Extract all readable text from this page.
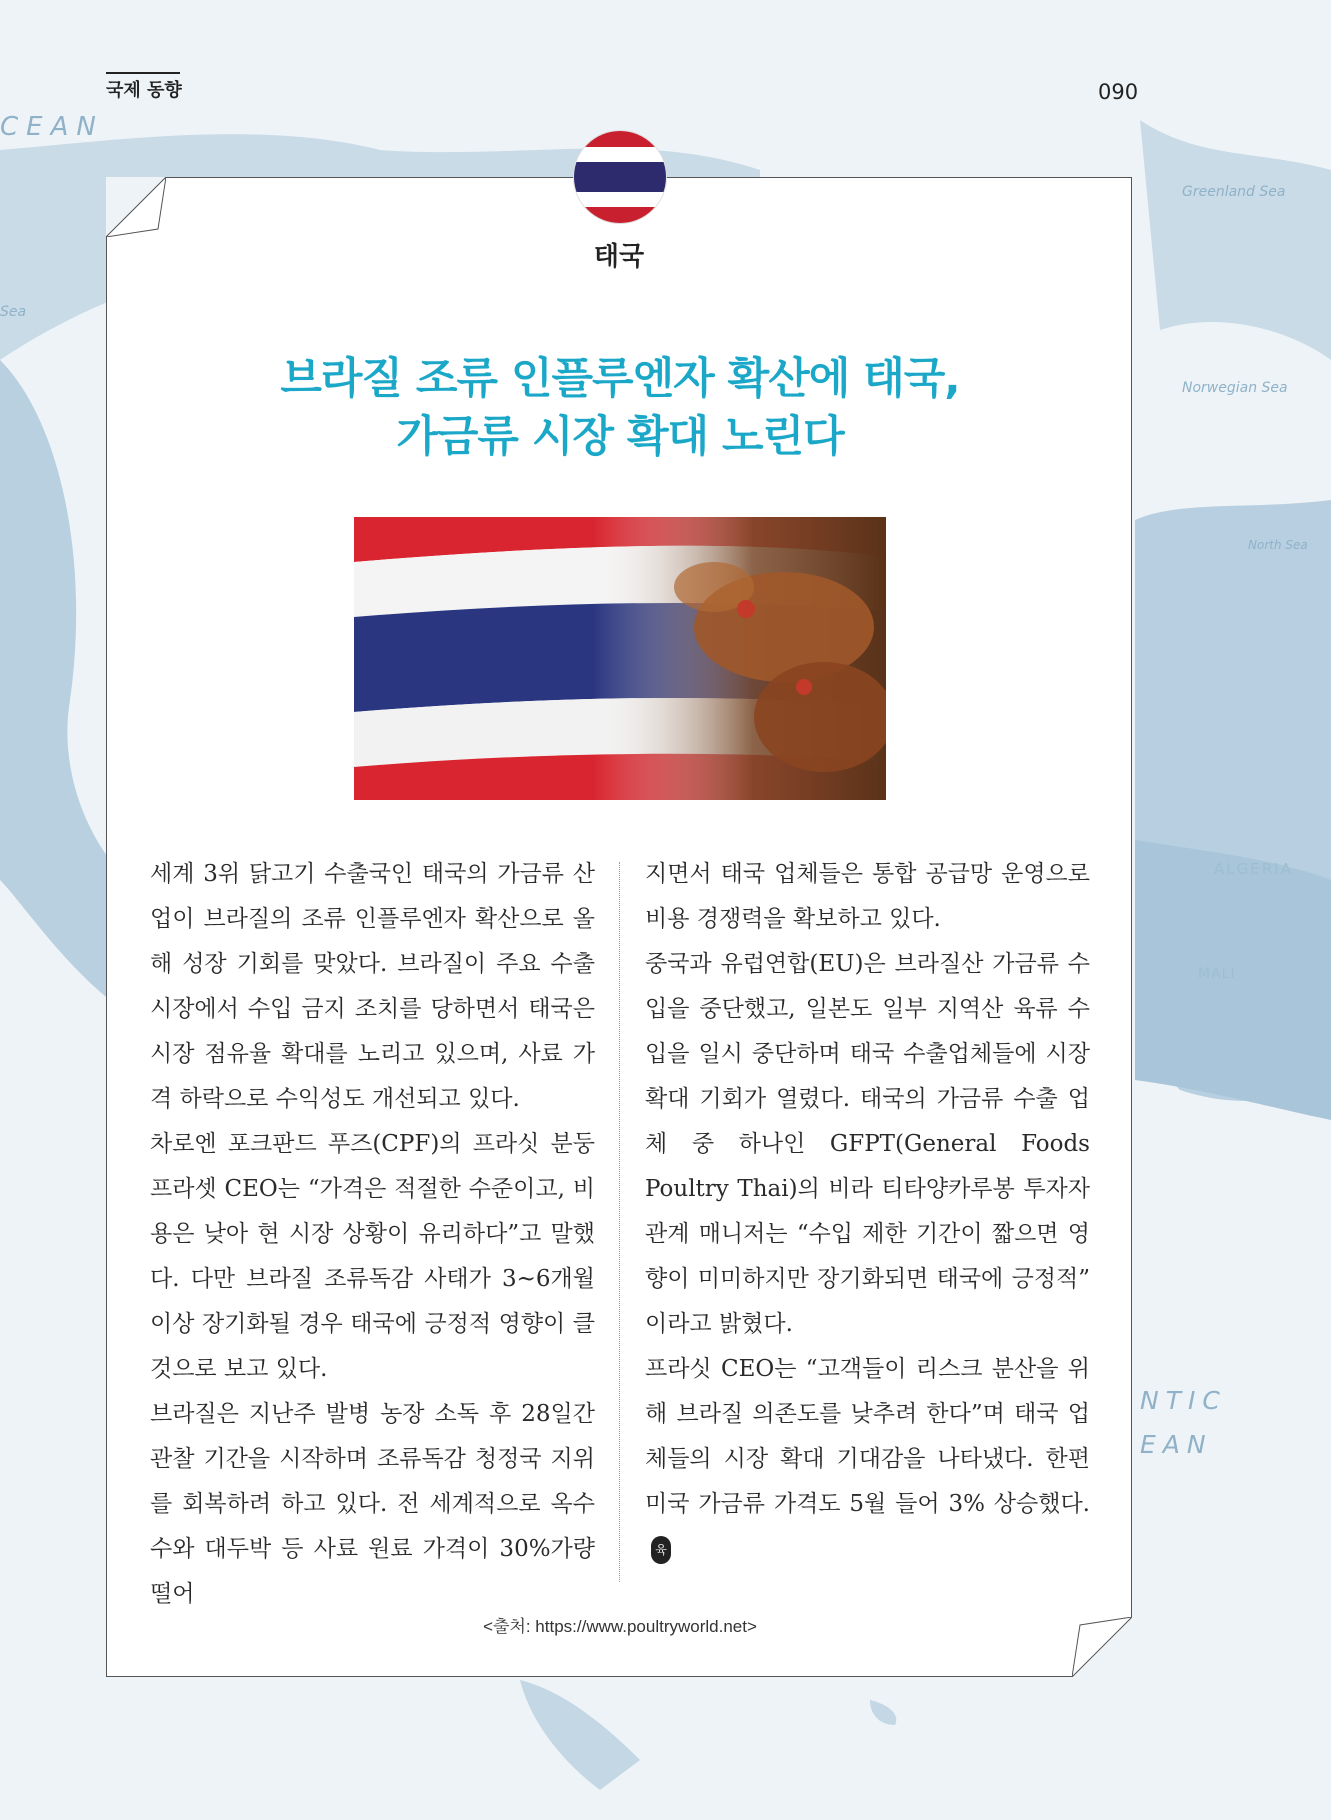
CEAN
Sea
Greenland Sea
Norwegian Sea
North Sea
ALGERIA
MALI
NTIC
EAN
국제 동향	090
태국
브라질 조류 인플루엔자 확산에 태국,
가금류 시장 확대 노린다

세계 3위 닭고기 수출국인 태국의 가금류 산업이 브라질의 조류 인플루엔자 확산으로 올해 성장 기회를 맞았다. 브라질이 주요 수출 시장에서 수입 금지 조치를 당하면서 태국은 시장 점유율 확대를 노리고 있으며, 사료 가격 하락으로 수익성도 개선되고 있다.

차로엔 포크판드 푸즈(CPF)의 프라싯 분둥 프라셋 CEO는 “가격은 적절한 수준이고, 비용은 낮아 현 시장 상황이 유리하다”고 말했다. 다만 브라질 조류독감 사태가 3~6개월 이상 장기화될 경우 태국에 긍정적 영향이 클 것으로 보고 있다.

브라질은 지난주 발병 농장 소독 후 28일간 관찰 기간을 시작하며 조류독감 청정국 지위를 회복하려 하고 있다. 전 세계적으로 옥수수와 대두박 등 사료 원료 가격이 30%가량 떨어

지면서 태국 업체들은 통합 공급망 운영으로 비용 경쟁력을 확보하고 있다.

중국과 유럽연합(EU)은 브라질산 가금류 수입을 중단했고, 일본도 일부 지역산 육류 수입을 일시 중단하며 태국 수출업체들에 시장 확대 기회가 열렸다. 태국의 가금류 수출 업체 중 하나인 GFPT(General Foods Poultry Thai)의 비라 티타양카루봉 투자자 관계 매니저는 “수입 제한 기간이 짧으면 영향이 미미하지만 장기화되면 태국에 긍정적” 이라고 밝혔다.

프라싯 CEO는 “고객들이 리스크 분산을 위해 브라질 의존도를 낮추려 한다”며 태국 업체들의 시장 확대 기대감을 나타냈다. 한편 미국 가금류 가격도 5월 들어 3% 상승했다.육

<출처: https://www.poultryworld.net>
